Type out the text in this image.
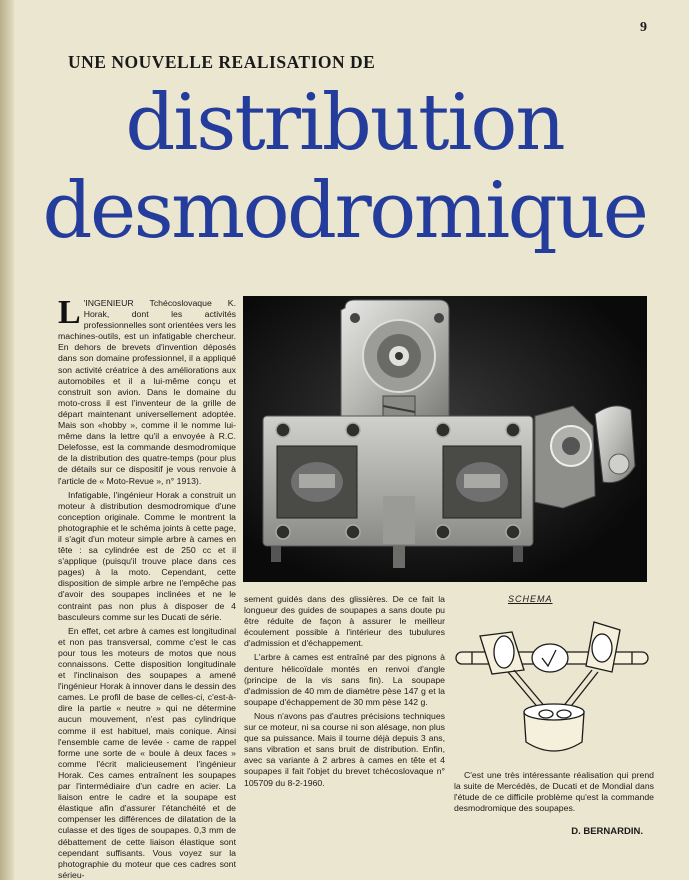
9
UNE NOUVELLE REALISATION DE
distribution
desmodromique

L 'INGENIEUR Tchécoslovaque K. Horak, dont les activités professionnelles sont orientées vers les machines-outils, est un infatigable chercheur. En dehors de brevets d'invention déposés dans son domaine professionnel, il a appliqué son activité créatrice à des améliorations aux automobiles et il a lui-même conçu et construit son avion. Dans le domaine du moto-cross il est l'inventeur de la grille de départ maintenant universellement adoptée. Mais son «hobby », comme il le nomme lui-même dans la lettre qu'il a envoyée à R.C. Delefosse, est la commande desmodromique de la distribution des quatre-temps (pour plus de détails sur ce dispositif je vous renvoie à l'article de « Moto-Revue », n° 1913).

Infatigable, l'ingénieur Horak a construit un moteur à distribution desmodromique d'une conception originale. Comme le montrent la photographie et le schéma joints à cette page, il s'agit d'un moteur simple arbre à cames en tête : sa cylindrée est de 250 cc et il s'applique (puisqu'il trouve place dans ces pages) à la moto. Cependant, cette disposition de simple arbre ne l'empêche pas d'avoir des soupapes inclinées et ne le contraint pas non plus à disposer de 4 basculeurs comme sur les Ducati de série.

En effet, cet arbre à cames est longitudinal et non pas transversal, comme c'est le cas pour tous les moteurs de motos que nous connaissons. Cette disposition longitudinale et l'inclinaison des soupapes a amené l'ingénieur Horak à innover dans le dessin des cames. Le profil de base de celles-ci, c'est-à-dire la partie « neutre » qui ne détermine aucun mouvement, n'est pas cylindrique comme il est habituel, mais conique. Ainsi l'ensemble came de levée - came de rappel forme une sorte de « boule à deux faces » comme l'écrit malicieusement l'ingénieur Horak. Ces cames entraînent les soupapes par l'intermédiaire d'un cadre en acier. La liaison entre le cadre et la soupape est élastique afin d'assurer l'étanchéité et de compenser les différences de dilatation de la culasse et des tiges de soupapes. 0,3 mm de débattement de cette liaison élastique sont cependant suffisants. Vous voyez sur la photographie du moteur que ces cadres sont sérieu-

sement guidés dans des glissières. De ce fait la longueur des guides de soupapes a sans doute pu être réduite de façon à assurer le meilleur écoulement possible à l'intérieur des tubulures d'admission et d'échappement.

L'arbre à cames est entraîné par des pignons à denture hélicoïdale montés en renvoi d'angle (principe de la vis sans fin). La soupape d'admission de 40 mm de diamètre pèse 147 g et la soupape d'échappement de 30 mm pèse 142 g.

Nous n'avons pas d'autres précisions techniques sur ce moteur, ni sa course ni son alésage, non plus que sa puissance. Mais il tourne déjà depuis 3 ans, sans vibration et sans bruit de distribution. Enfin, avec sa variante à 2 arbres à cames en tête et 4 soupapes il fait l'objet du brevet tchécoslovaque n° 105709 du 8-2-1960.

SCHEMA

C'est une très intéressante réalisation qui prend la suite de Mercédès, de Ducati et de Mondial dans l'étude de ce difficile problème qu'est la commande desmodromique des soupapes.

D. BERNARDIN.
